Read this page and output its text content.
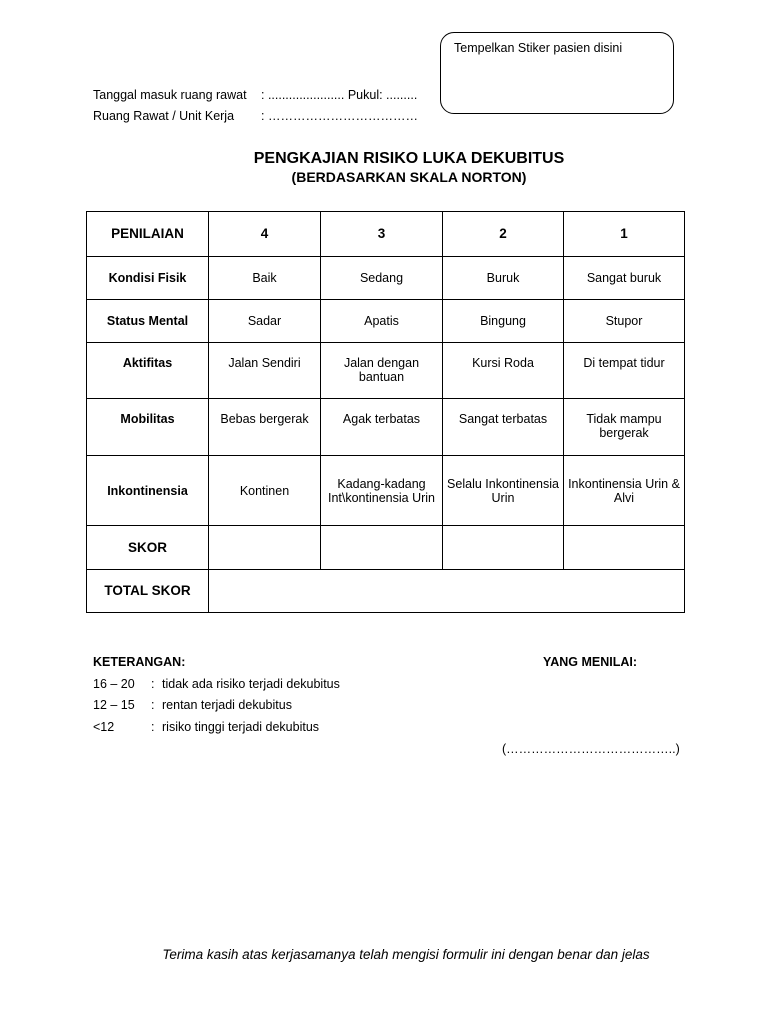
Tempelkan Stiker pasien disini
Tanggal masuk ruang rawat : ...................... Pukul: .........
Ruang Rawat / Unit Kerja : ………………………………
PENGKAJIAN RISIKO LUKA DEKUBITUS
(BERDASARKAN SKALA NORTON)
PENILAIAN	4	3	2	1
Kondisi Fisik	Baik	Sedang	Buruk	Sangat buruk
Status Mental	Sadar	Apatis	Bingung	Stupor
Aktifitas	Jalan Sendiri	Jalan dengan bantuan	Kursi Roda	Di tempat tidur
Mobilitas	Bebas bergerak	Agak terbatas	Sangat terbatas	Tidak mampu bergerak
Inkontinensia	Kontinen	Kadang-kadang Int\kontinensia Urin	Selalu Inkontinensia Urin	Inkontinensia Urin & Alvi
SKOR				
TOTAL SKOR				
KETERANGAN:	YANG MENILAI:
16 – 20 : tidak ada risiko terjadi dekubitus
12 – 15 : rentan terjadi dekubitus
<12	: risiko tinggi terjadi dekubitus
(…………………………………..)
Terima kasih atas kerjasamanya telah mengisi formulir ini dengan benar dan jelas
